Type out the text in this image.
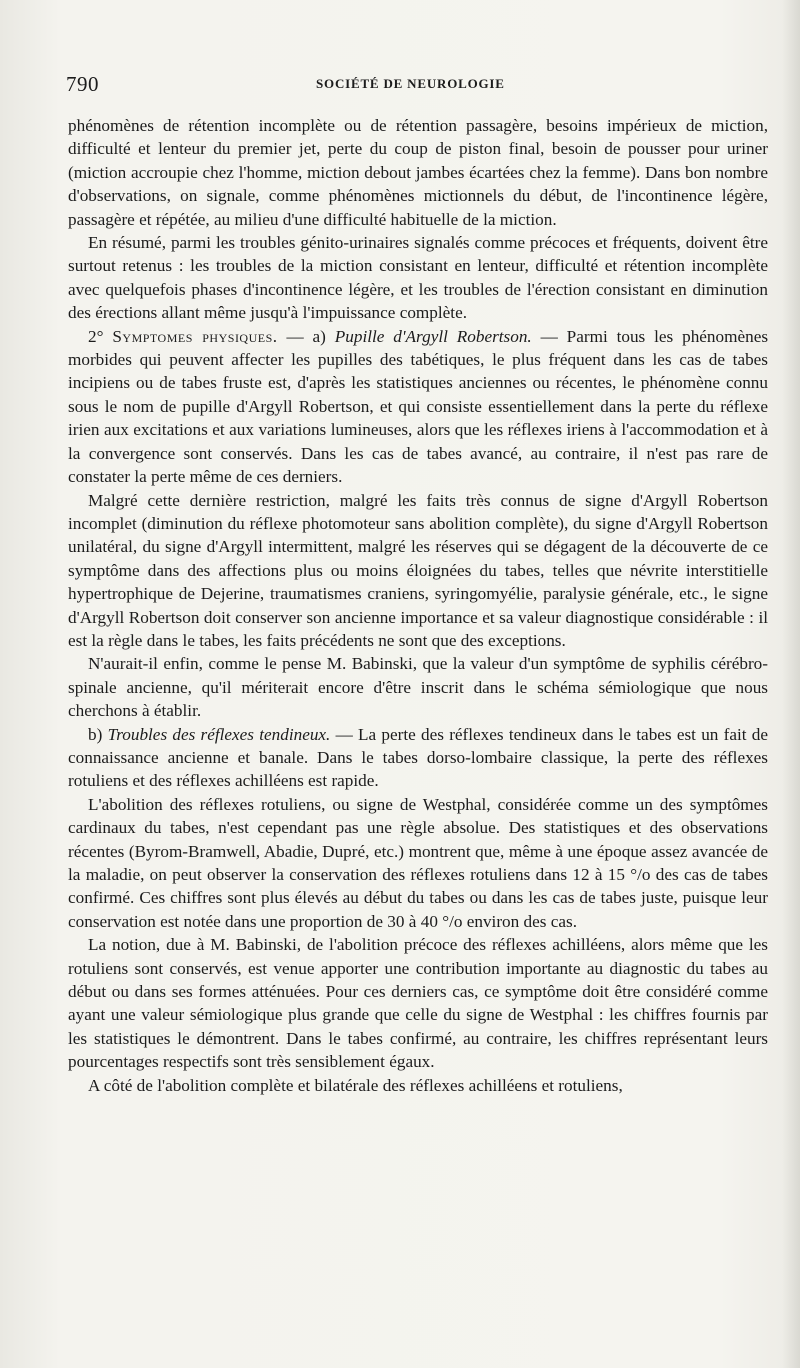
790	SOCIÉTÉ DE NEUROLOGIE

phénomènes de rétention incomplète ou de rétention passagère, besoins impérieux de miction, difficulté et lenteur du premier jet, perte du coup de piston final, besoin de pousser pour uriner (miction accroupie chez l'homme, miction debout jambes écartées chez la femme). Dans bon nombre d'observations, on signale, comme phénomènes mictionnels du début, de l'incontinence légère, passagère et répétée, au milieu d'une difficulté habituelle de la miction.

En résumé, parmi les troubles génito-urinaires signalés comme précoces et fréquents, doivent être surtout retenus : les troubles de la miction consistant en lenteur, difficulté et rétention incomplète avec quelquefois phases d'incontinence légère, et les troubles de l'érection consistant en diminution des érections allant même jusqu'à l'impuissance complète.

2° Symptomes physiques. — a) Pupille d'Argyll Robertson. — Parmi tous les phénomènes morbides qui peuvent affecter les pupilles des tabétiques, le plus fréquent dans les cas de tabes incipiens ou de tabes fruste est, d'après les statistiques anciennes ou récentes, le phénomène connu sous le nom de pupille d'Argyll Robertson, et qui consiste essentiellement dans la perte du réflexe irien aux excitations et aux variations lumineuses, alors que les réflexes iriens à l'accommodation et à la convergence sont conservés. Dans les cas de tabes avancé, au contraire, il n'est pas rare de constater la perte même de ces derniers.

Malgré cette dernière restriction, malgré les faits très connus de signe d'Argyll Robertson incomplet (diminution du réflexe photomoteur sans abolition complète), du signe d'Argyll Robertson unilatéral, du signe d'Argyll intermittent, malgré les réserves qui se dégagent de la découverte de ce symptôme dans des affections plus ou moins éloignées du tabes, telles que névrite interstitielle hypertrophique de Dejerine, traumatismes craniens, syringomyélie, paralysie générale, etc., le signe d'Argyll Robertson doit conserver son ancienne importance et sa valeur diagnostique considérable : il est la règle dans le tabes, les faits précédents ne sont que des exceptions.

N'aurait-il enfin, comme le pense M. Babinski, que la valeur d'un symptôme de syphilis cérébro-spinale ancienne, qu'il mériterait encore d'être inscrit dans le schéma sémiologique que nous cherchons à établir.

b) Troubles des réflexes tendineux. — La perte des réflexes tendineux dans le tabes est un fait de connaissance ancienne et banale. Dans le tabes dorso-lombaire classique, la perte des réflexes rotuliens et des réflexes achilléens est rapide.

L'abolition des réflexes rotuliens, ou signe de Westphal, considérée comme un des symptômes cardinaux du tabes, n'est cependant pas une règle absolue. Des statistiques et des observations récentes (Byrom-Bramwell, Abadie, Dupré, etc.) montrent que, même à une époque assez avancée de la maladie, on peut observer la conservation des réflexes rotuliens dans 12 à 15 °/o des cas de tabes confirmé. Ces chiffres sont plus élevés au début du tabes ou dans les cas de tabes juste, puisque leur conservation est notée dans une proportion de 30 à 40 °/o environ des cas.

La notion, due à M. Babinski, de l'abolition précoce des réflexes achilléens, alors même que les rotuliens sont conservés, est venue apporter une contribution importante au diagnostic du tabes au début ou dans ses formes atténuées. Pour ces derniers cas, ce symptôme doit être considéré comme ayant une valeur sémiologique plus grande que celle du signe de Westphal : les chiffres fournis par les statistiques le démontrent. Dans le tabes confirmé, au contraire, les chiffres représentant leurs pourcentages respectifs sont très sensiblement égaux.

A côté de l'abolition complète et bilatérale des réflexes achilléens et rotuliens,
